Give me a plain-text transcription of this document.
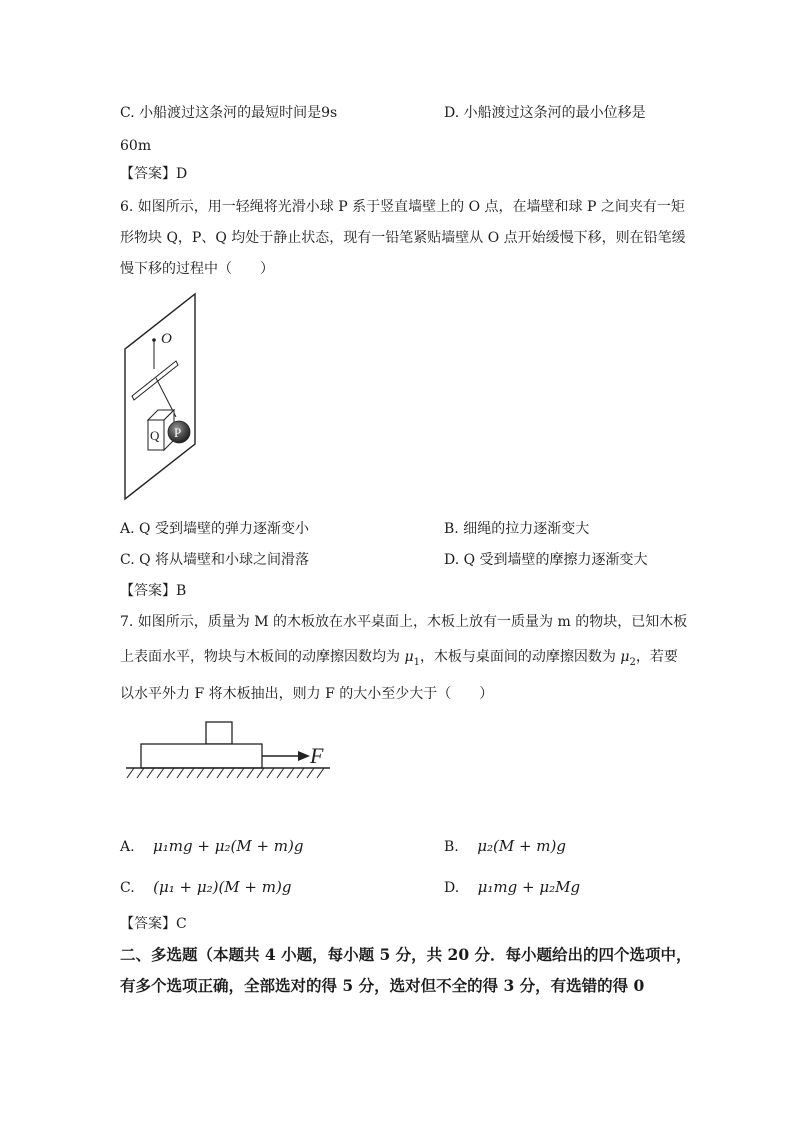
C. 小船渡过这条河的最短时间是9s	D. 小船渡过这条河的最小位移是
60m
【答案】D
6. 如图所示，用一轻绳将光滑小球 P 系于竖直墙壁上的 O 点，在墙壁和球 P 之间夹有一矩
形物块 Q，P、Q 均处于静止状态，现有一铅笔紧贴墙壁从 O 点开始缓慢下移，则在铅笔缓
慢下移的过程中（　　）
O
Q P
A. Q 受到墙壁的弹力逐渐变小	B. 细绳的拉力逐渐变大
C. Q 将从墙壁和小球之间滑落	D. Q 受到墙壁的摩擦力逐渐变大
【答案】B
7. 如图所示，质量为 M 的木板放在水平桌面上，木板上放有一质量为 m 的物块，已知木板
上表面水平，物块与木板间的动摩擦因数均为 $\mu_1$，木板与桌面间的动摩擦因数为 $\mu_2$，若要
以水平外力 F 将木板抽出，则力 F 的大小至少大于（　　）
F
A. μ₁mg + μ₂(M + m)g	B. μ₂(M + m)g
C. (μ₁ + μ₂)(M + m)g	D. μ₁mg + μ₂Mg
【答案】C
二、多选题（本题共 4 小题，每小题 5 分，共 20 分．每小题给出的四个选项中，
有多个选项正确，全部选对的得 5 分，选对但不全的得 3 分，有选错的得 0
